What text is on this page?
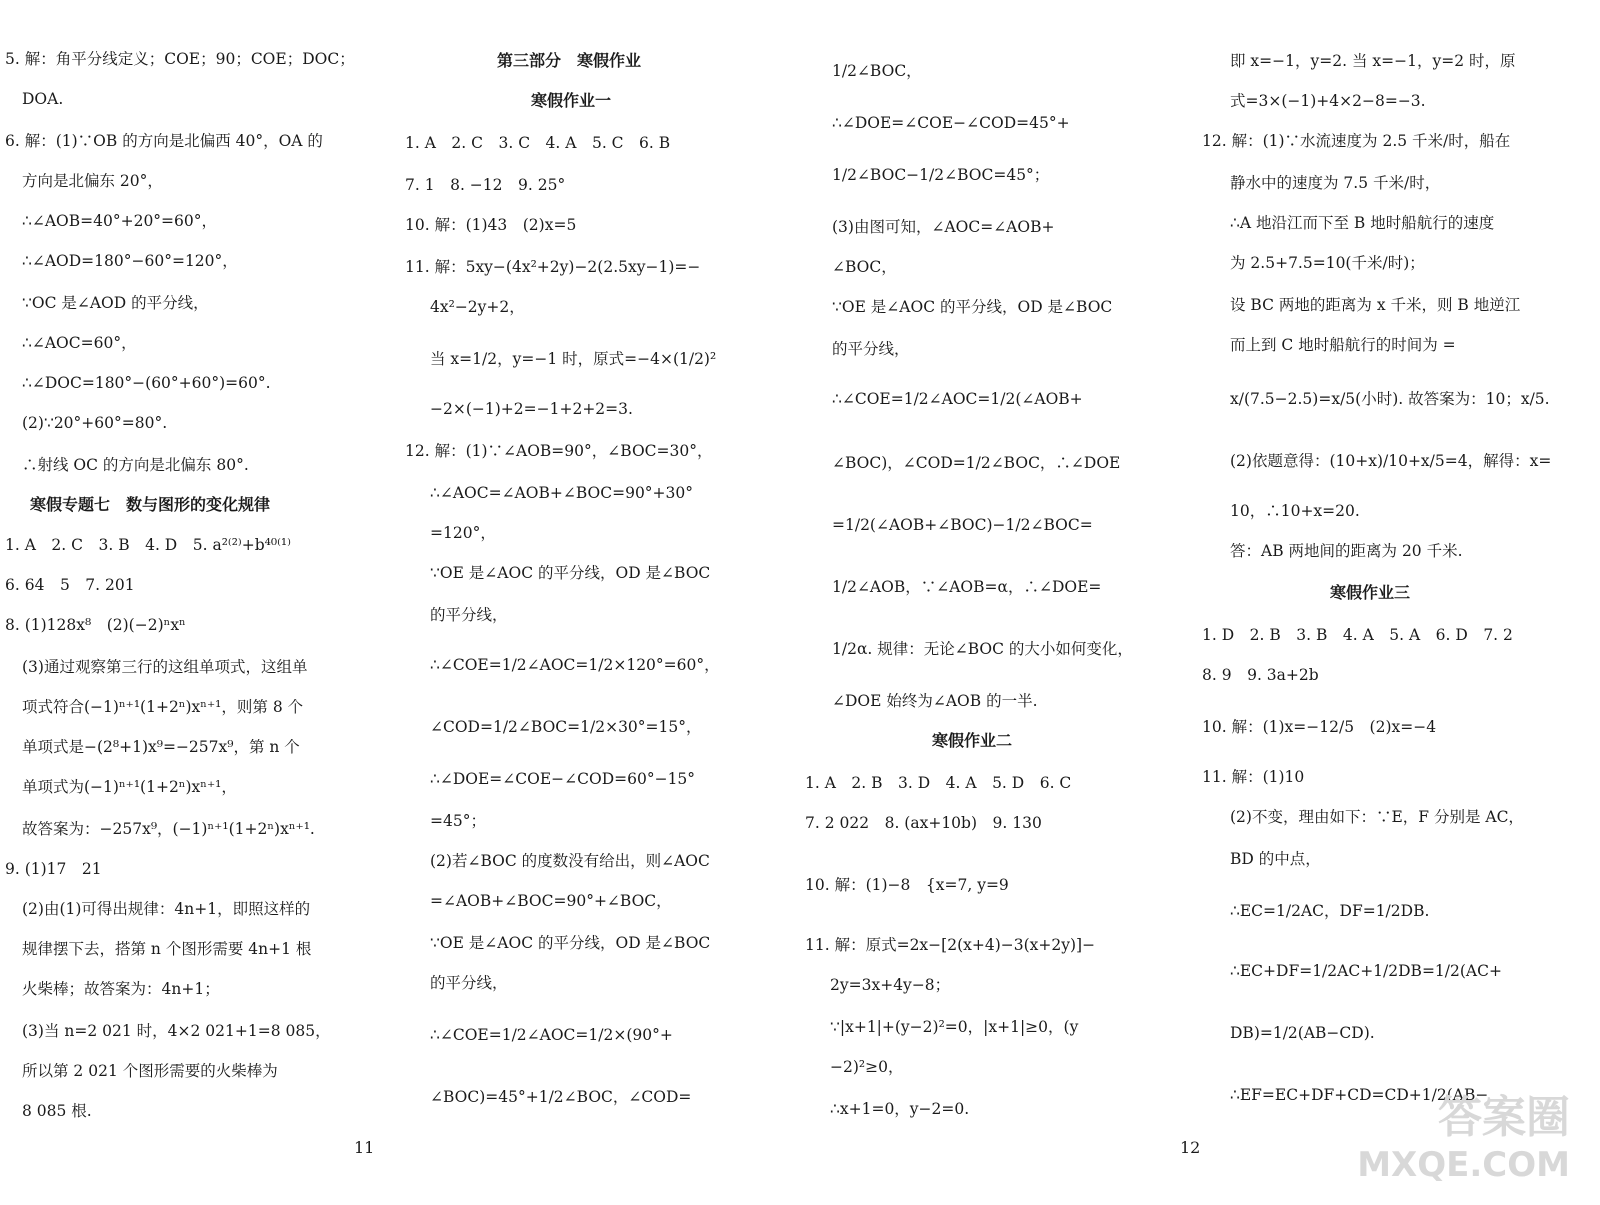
5. 解：角平分线定义；COE；90；COE；DOC；
DOA.
6. 解：(1)∵OB 的方向是北偏西 40°，OA 的
方向是北偏东 20°，
∴∠AOB=40°+20°=60°，
∴∠AOD=180°−60°=120°，
∵OC 是∠AOD 的平分线，
∴∠AOC=60°，
∴∠DOC=180°−(60°+60°)=60°.
(2)∵20°+60°=80°.
∴射线 OC 的方向是北偏东 80°.
寒假专题七　数与图形的变化规律
1. A　2. C　3. B　4. D　5. a²⁽²⁾+b⁴⁰⁽¹⁾
6. 64　5　7. 201
8. (1)128x⁸　(2)(−2)ⁿxⁿ
(3)通过观察第三行的这组单项式，这组单
项式符合(−1)ⁿ⁺¹(1+2ⁿ)xⁿ⁺¹，则第 8 个
单项式是−(2⁸+1)x⁹=−257x⁹，第 n 个
单项式为(−1)ⁿ⁺¹(1+2ⁿ)xⁿ⁺¹，
故答案为：−257x⁹，(−1)ⁿ⁺¹(1+2ⁿ)xⁿ⁺¹.
9. (1)17　21
(2)由(1)可得出规律：4n+1，即照这样的
规律摆下去，搭第 n 个图形需要 4n+1 根
火柴棒；故答案为：4n+1；
(3)当 n=2 021 时，4×2 021+1=8 085，
所以第 2 021 个图形需要的火柴棒为
8 085 根.
第三部分　寒假作业
寒假作业一
1. A　2. C　3. C　4. A　5. C　6. B
7. 1　8. −12　9. 25°
10. 解：(1)43　(2)x=5
11. 解：5xy−(4x²+2y)−2(2.5xy−1)=−
4x²−2y+2，
当 x=1/2，y=−1 时，原式=−4×(1/2)²
−2×(−1)+2=−1+2+2=3.
12. 解：(1)∵∠AOB=90°，∠BOC=30°，
∴∠AOC=∠AOB+∠BOC=90°+30°
=120°，
∵OE 是∠AOC 的平分线，OD 是∠BOC
的平分线，
∴∠COE=1/2∠AOC=1/2×120°=60°，
∠COD=1/2∠BOC=1/2×30°=15°，
∴∠DOE=∠COE−∠COD=60°−15°
=45°；
(2)若∠BOC 的度数没有给出，则∠AOC
=∠AOB+∠BOC=90°+∠BOC，
∵OE 是∠AOC 的平分线，OD 是∠BOC
的平分线，
∴∠COE=1/2∠AOC=1/2×(90°+
∠BOC)=45°+1/2∠BOC，∠COD=
1/2∠BOC，
∴∠DOE=∠COE−∠COD=45°+
1/2∠BOC−1/2∠BOC=45°；
(3)由图可知，∠AOC=∠AOB+
∠BOC，
∵OE 是∠AOC 的平分线，OD 是∠BOC
的平分线，
∴∠COE=1/2∠AOC=1/2(∠AOB+
∠BOC)，∠COD=1/2∠BOC，∴∠DOE
=1/2(∠AOB+∠BOC)−1/2∠BOC=
1/2∠AOB，∵∠AOB=α，∴∠DOE=
1/2α. 规律：无论∠BOC 的大小如何变化，
∠DOE 始终为∠AOB 的一半.
寒假作业二
1. A　2. B　3. D　4. A　5. D　6. C
7. 2 022　8. (ax+10b)　9. 130
10. 解：(1)−8　{x=7, y=9
11. 解：原式=2x−[2(x+4)−3(x+2y)]−
2y=3x+4y−8；
∵|x+1|+(y−2)²=0，|x+1|≥0，(y
−2)²≥0，
∴x+1=0，y−2=0.
即 x=−1，y=2. 当 x=−1，y=2 时，原
式=3×(−1)+4×2−8=−3.
12. 解：(1)∵水流速度为 2.5 千米/时，船在
静水中的速度为 7.5 千米/时，
∴A 地沿江而下至 B 地时船航行的速度
为 2.5+7.5=10(千米/时)；
设 BC 两地的距离为 x 千米，则 B 地逆江
而上到 C 地时船航行的时间为 =
x/(7.5−2.5)=x/5(小时). 故答案为：10；x/5.
(2)依题意得：(10+x)/10+x/5=4，解得：x=
10，∴10+x=20.
答：AB 两地间的距离为 20 千米.
寒假作业三
1. D　2. B　3. B　4. A　5. A　6. D　7. 2
8. 9　9. 3a+2b
10. 解：(1)x=−12/5　(2)x=−4
11. 解：(1)10
(2)不变，理由如下：∵E，F 分别是 AC，
BD 的中点，
∴EC=1/2AC，DF=1/2DB.
∴EC+DF=1/2AC+1/2DB=1/2(AC+
DB)=1/2(AB−CD).
∴EF=EC+DF+CD=CD+1/2(AB−
11	12
答案圈
MXQE.COM
